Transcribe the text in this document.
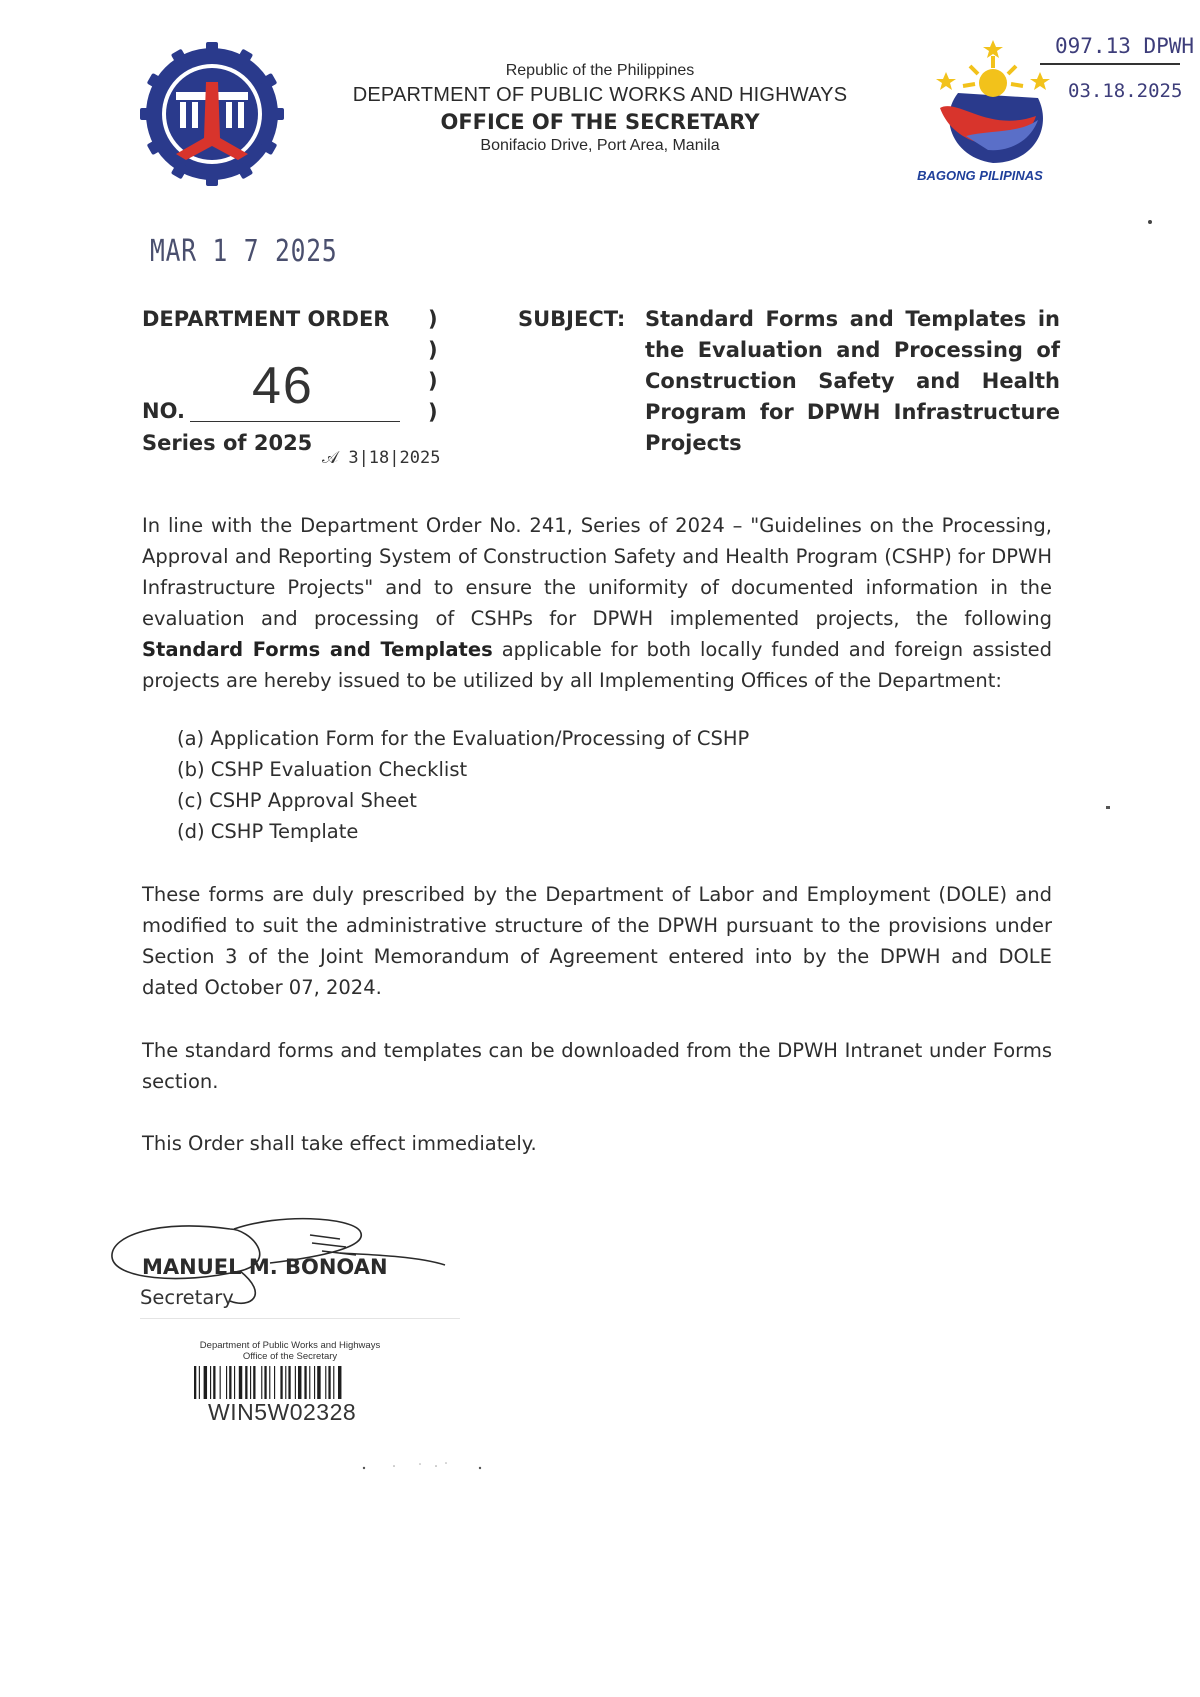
Republic of the Philippines
DEPARTMENT OF PUBLIC WORKS AND HIGHWAYS
OFFICE OF THE SECRETARY
Bonifacio Drive, Port Area, Manila
BAGONG PILIPINAS
097.13 DPWH
03.18.2025
MAR 1 7 2025
DEPARTMENT ORDER
46
NO.
Series of 2025
𝒜 3|18|2025
)
)
)
)
SUBJECT: Standard Forms and Templates in the Evaluation and Processing of Construction Safety and Health Program for DPWH Infrastructure Projects
In line with the Department Order No. 241, Series of 2024 – "Guidelines on the Processing, Approval and Reporting System of Construction Safety and Health Program (CSHP) for DPWH Infrastructure Projects" and to ensure the uniformity of documented information in the evaluation and processing of CSHPs for DPWH implemented projects, the following Standard Forms and Templates applicable for both locally funded and foreign assisted projects are hereby issued to be utilized by all Implementing Offices of the Department:
(a) Application Form for the Evaluation/Processing of CSHP
(b) CSHP Evaluation Checklist
(c) CSHP Approval Sheet
(d) CSHP Template
These forms are duly prescribed by the Department of Labor and Employment (DOLE) and modified to suit the administrative structure of the DPWH pursuant to the provisions under Section 3 of the Joint Memorandum of Agreement entered into by the DPWH and DOLE dated October 07, 2024.
The standard forms and templates can be downloaded from the DPWH Intranet under Forms section.
This Order shall take effect immediately.
MANUEL M. BONOAN
Secretary
Department of Public Works and Highways
Office of the Secretary
WIN5W02328
